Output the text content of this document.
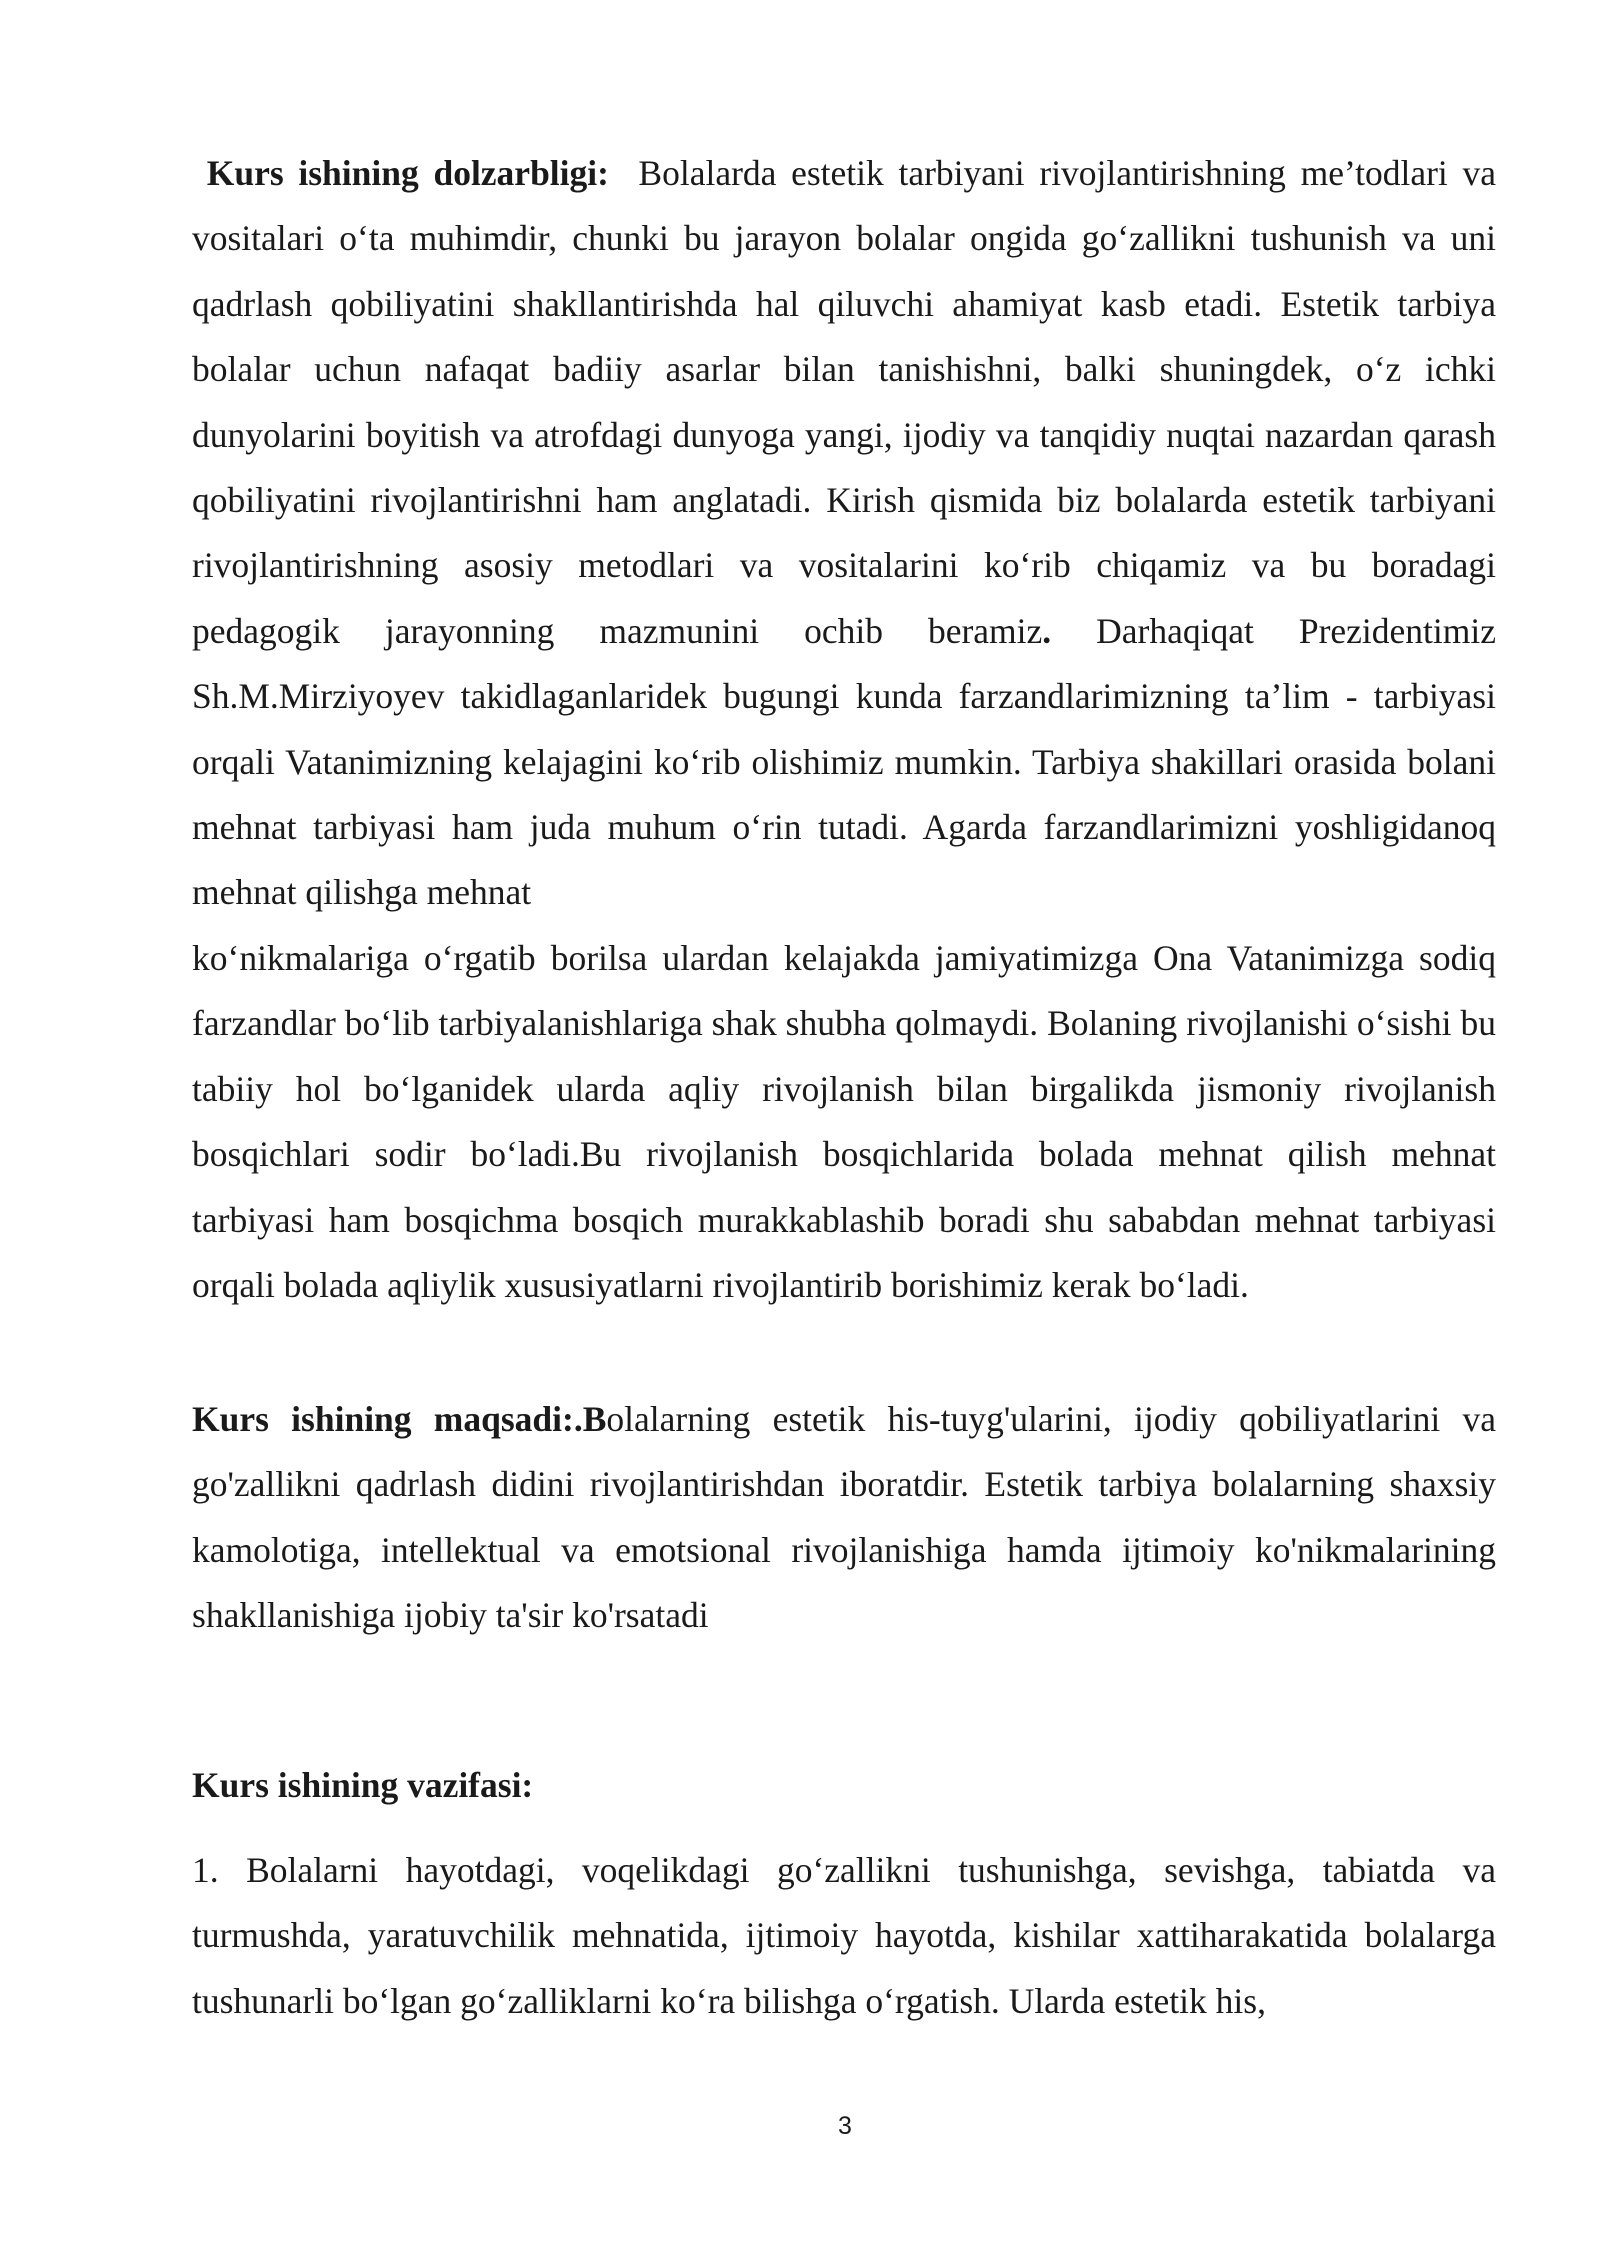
Kurs ishining dolzarbligi: Bolalarda estetik tarbiyani rivojlantirishning me’todlari va vositalari o‘ta muhimdir, chunki bu jarayon bolalar ongida go‘zallikni tushunish va uni qadrlash qobiliyatini shakllantirishda hal qiluvchi ahamiyat kasb etadi. Estetik tarbiya bolalar uchun nafaqat badiiy asarlar bilan tanishishni, balki shuningdek, o‘z ichki dunyolarini boyitish va atrofdagi dunyoga yangi, ijodiy va tanqidiy nuqtai nazardan qarash qobiliyatini rivojlantirishni ham anglatadi. Kirish qismida biz bolalarda estetik tarbiyani rivojlantirishning asosiy metodlari va vositalarini ko‘rib chiqamiz va bu boradagi pedagogik jarayonning mazmunini ochib beramiz. Darhaqiqat Prezidentimiz Sh.M.Mirziyoyev takidlaganlaridek bugungi kunda farzandlarimizning ta’lim - tarbiyasi orqali Vatanimizning kelajagini ko‘rib olishimiz mumkin. Tarbiya shakillari orasida bolani mehnat tarbiyasi ham juda muhum o‘rin tutadi. Agarda farzandlarimizni yoshligidanoq mehnat qilishga mehnat

ko‘nikmalariga o‘rgatib borilsa ulardan kelajakda jamiyatimizga Ona Vatanimizga sodiq farzandlar bo‘lib tarbiyalanishlariga shak shubha qolmaydi. Bolaning rivojlanishi o‘sishi bu tabiiy hol bo‘lganidek ularda aqliy rivojlanish bilan birgalikda jismoniy rivojlanish bosqichlari sodir bo‘ladi.Bu rivojlanish bosqichlarida bolada mehnat qilish mehnat tarbiyasi ham bosqichma bosqich murakkablashib boradi shu sababdan mehnat tarbiyasi orqali bolada aqliylik xususiyatlarni rivojlantirib borishimiz kerak bo‘ladi.

Kurs ishining maqsadi:.Bolalarning estetik his-tuyg'ularini, ijodiy qobiliyatlarini va go'zallikni qadrlash didini rivojlantirishdan iboratdir. Estetik tarbiya bolalarning shaxsiy kamolotiga, intellektual va emotsional rivojlanishiga hamda ijtimoiy ko'nikmalarining shakllanishiga ijobiy ta'sir ko'rsatadi

Kurs ishining vazifasi:

1. Bolalarni hayotdagi, voqelikdagi go‘zallikni tushunishga, sevishga, tabiatda va turmushda, yaratuvchilik mehnatida, ijtimoiy hayotda, kishilar xattiharakatida bolalarga tushunarli bo‘lgan go‘zalliklarni ko‘ra bilishga o‘rgatish. Ularda estetik his,

3
